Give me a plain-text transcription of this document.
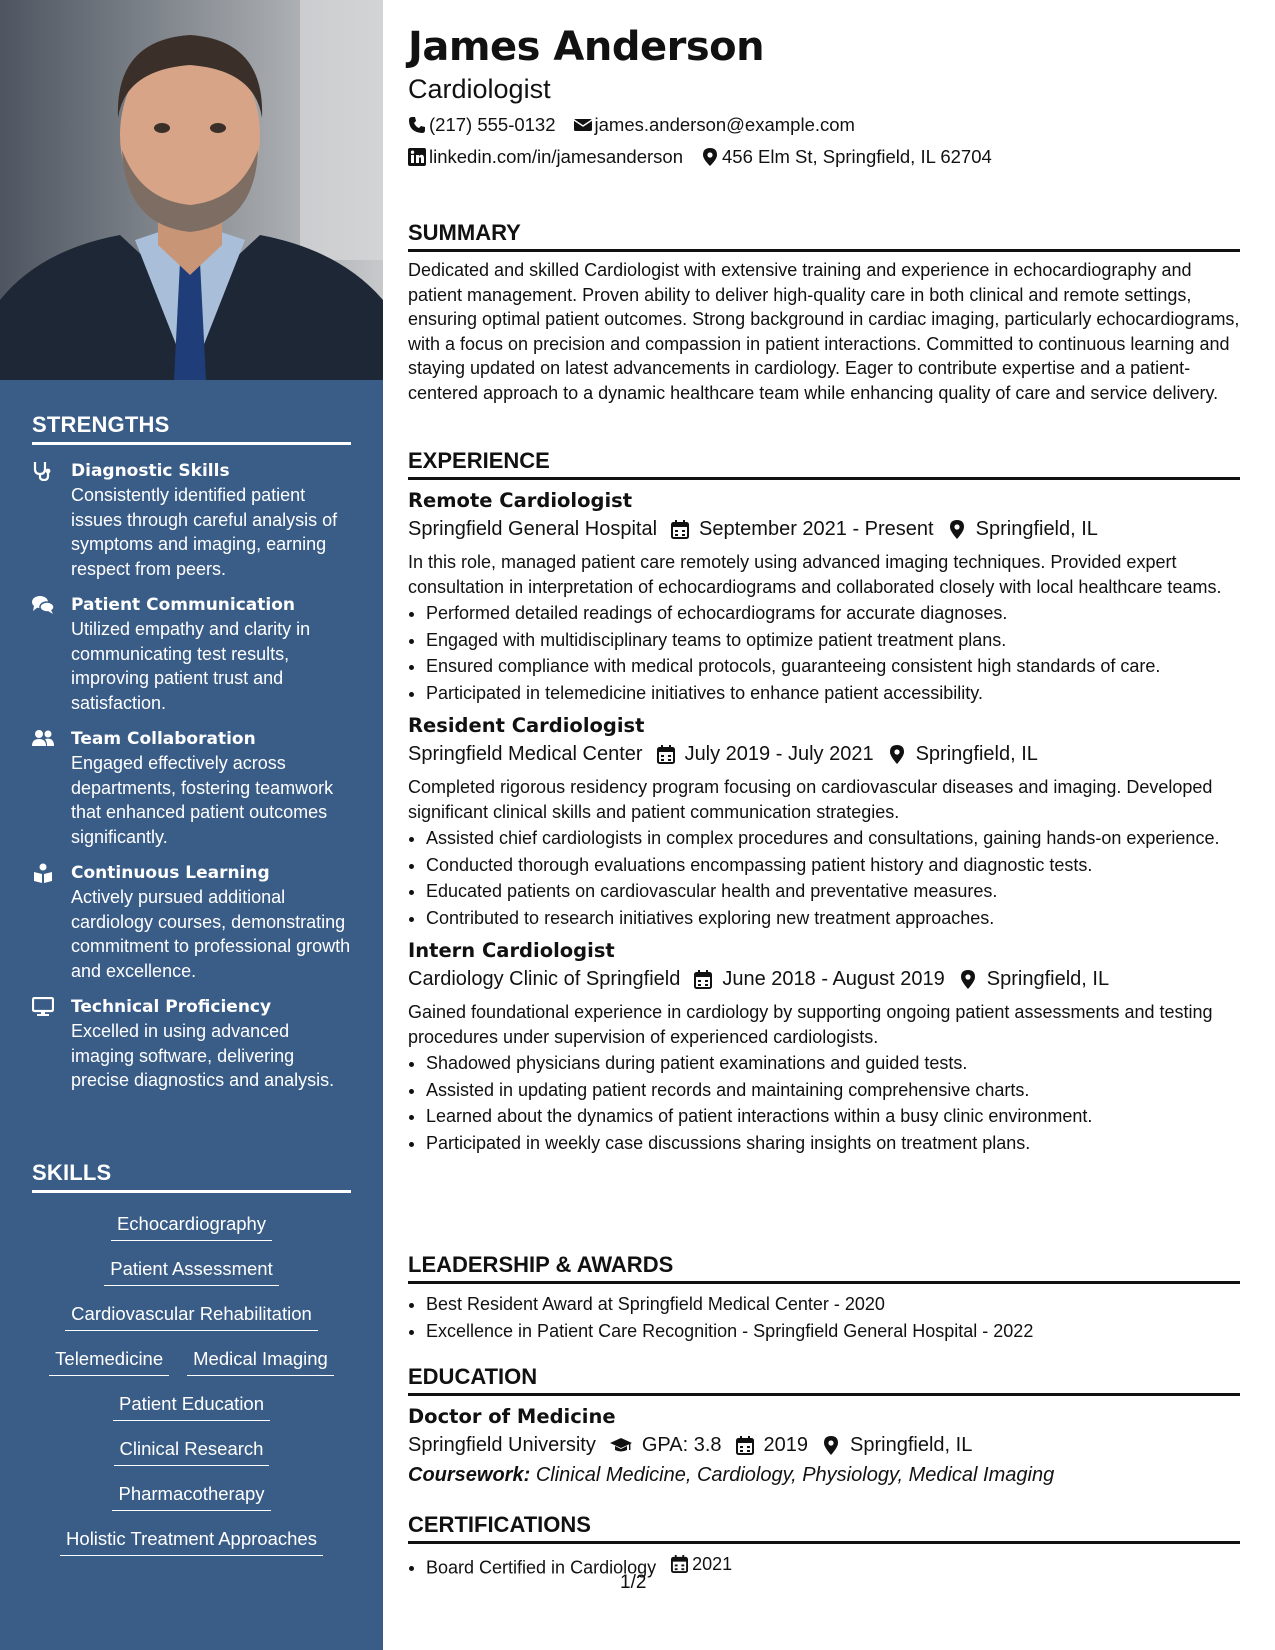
STRENGTHS
Diagnostic Skills
Consistently identified patient issues through careful analysis of symptoms and imaging, earning respect from peers.
Patient Communication
Utilized empathy and clarity in communicating test results, improving patient trust and satisfaction.
Team Collaboration
Engaged effectively across departments, fostering teamwork that enhanced patient outcomes significantly.
Continuous Learning
Actively pursued additional cardiology courses, demonstrating commitment to professional growth and excellence.
Technical Proficiency
Excelled in using advanced imaging software, delivering precise diagnostics and analysis.
SKILLS
Echocardiography
Patient Assessment
Cardiovascular Rehabilitation
Telemedicine	Medical Imaging
Patient Education
Clinical Research
Pharmacotherapy
Holistic Treatment Approaches
James Anderson
Cardiologist
(217) 555-0132 james.anderson@example.com
linkedin.com/in/jamesanderson 456 Elm St, Springfield, IL 62704
SUMMARY
Dedicated and skilled Cardiologist with extensive training and experience in echocardiography and patient management. Proven ability to deliver high-quality care in both clinical and remote settings, ensuring optimal patient outcomes. Strong background in cardiac imaging, particularly echocardiograms, with a focus on precision and compassion in patient interactions. Committed to continuous learning and staying updated on latest advancements in cardiology. Eager to contribute expertise and a patient-centered approach to a dynamic healthcare team while enhancing quality of care and service delivery.
EXPERIENCE
Remote Cardiologist
Springfield General Hospital September 2021 - Present Springfield, IL
In this role, managed patient care remotely using advanced imaging techniques. Provided expert consultation in interpretation of echocardiograms and collaborated closely with local healthcare teams.
• Performed detailed readings of echocardiograms for accurate diagnoses.
• Engaged with multidisciplinary teams to optimize patient treatment plans.
• Ensured compliance with medical protocols, guaranteeing consistent high standards of care.
• Participated in telemedicine initiatives to enhance patient accessibility.
Resident Cardiologist
Springfield Medical Center July 2019 - July 2021 Springfield, IL
Completed rigorous residency program focusing on cardiovascular diseases and imaging. Developed significant clinical skills and patient communication strategies.
• Assisted chief cardiologists in complex procedures and consultations, gaining hands-on experience.
• Conducted thorough evaluations encompassing patient history and diagnostic tests.
• Educated patients on cardiovascular health and preventative measures.
• Contributed to research initiatives exploring new treatment approaches.
Intern Cardiologist
Cardiology Clinic of Springfield June 2018 - August 2019 Springfield, IL
Gained foundational experience in cardiology by supporting ongoing patient assessments and testing procedures under supervision of experienced cardiologists.
• Shadowed physicians during patient examinations and guided tests.
• Assisted in updating patient records and maintaining comprehensive charts.
• Learned about the dynamics of patient interactions within a busy clinic environment.
• Participated in weekly case discussions sharing insights on treatment plans.
LEADERSHIP & AWARDS
• Best Resident Award at Springfield Medical Center - 2020
• Excellence in Patient Care Recognition - Springfield General Hospital - 2022
EDUCATION
Doctor of Medicine
Springfield University GPA: 3.8 2019 Springfield, IL
Coursework: Clinical Medicine, Cardiology, Physiology, Medical Imaging
CERTIFICATIONS
• Board Certified in Cardiology 2021
1/2
